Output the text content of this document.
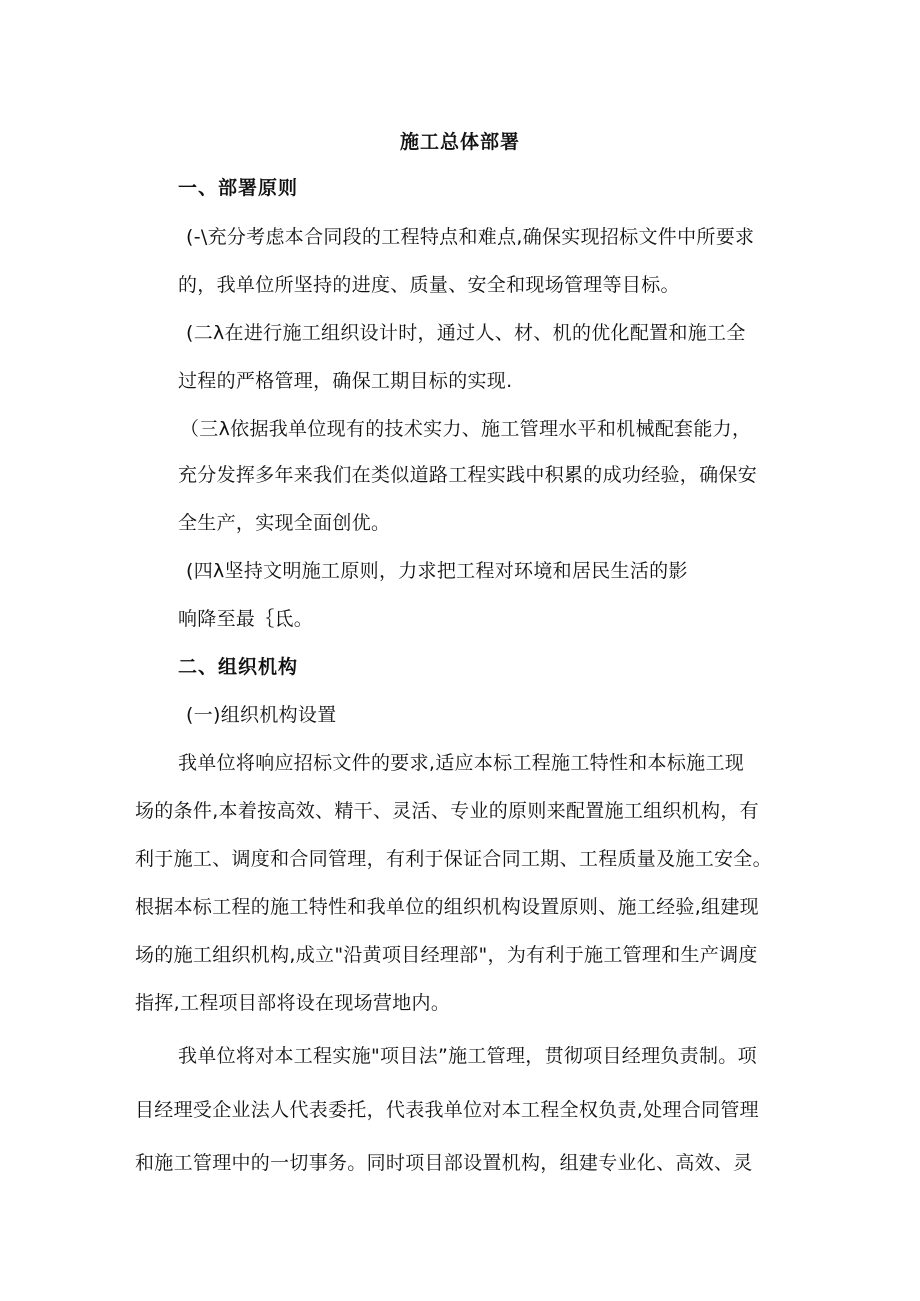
施工总体部署
一、部署原则
(-\充分考虑本合同段的工程特点和难点,确保实现招标文件中所要求
的，我单位所坚持的进度、质量、安全和现场管理等目标。
(二λ在进行施工组织设计时，通过人、材、机的优化配置和施工全
过程的严格管理，确保工期目标的实现.
（三λ依据我单位现有的技术实力、施工管理水平和机械配套能力，
充分发挥多年来我们在类似道路工程实践中积累的成功经验，确保安
全生产，实现全面创优。
(四λ坚持文明施工原则，力求把工程对环境和居民生活的影
响降至最｛氐。
二、组织机构
(一)组织机构设置
我单位将响应招标文件的要求,适应本标工程施工特性和本标施工现
场的条件,本着按高效、精干、灵活、专业的原则来配置施工组织机构，有
利于施工、调度和合同管理，有利于保证合同工期、工程质量及施工安全。
根据本标工程的施工特性和我单位的组织机构设置原则、施工经验,组建现
场的施工组织机构,成立"沿黄项目经理部"，为有利于施工管理和生产调度
指挥,工程项目部将设在现场营地内。
我单位将对本工程实施"项目法”施工管理，贯彻项目经理负责制。项
目经理受企业法人代表委托，代表我单位对本工程全权负责,处理合同管理
和施工管理中的一切事务。同时项目部设置机构，组建专业化、高效、灵
